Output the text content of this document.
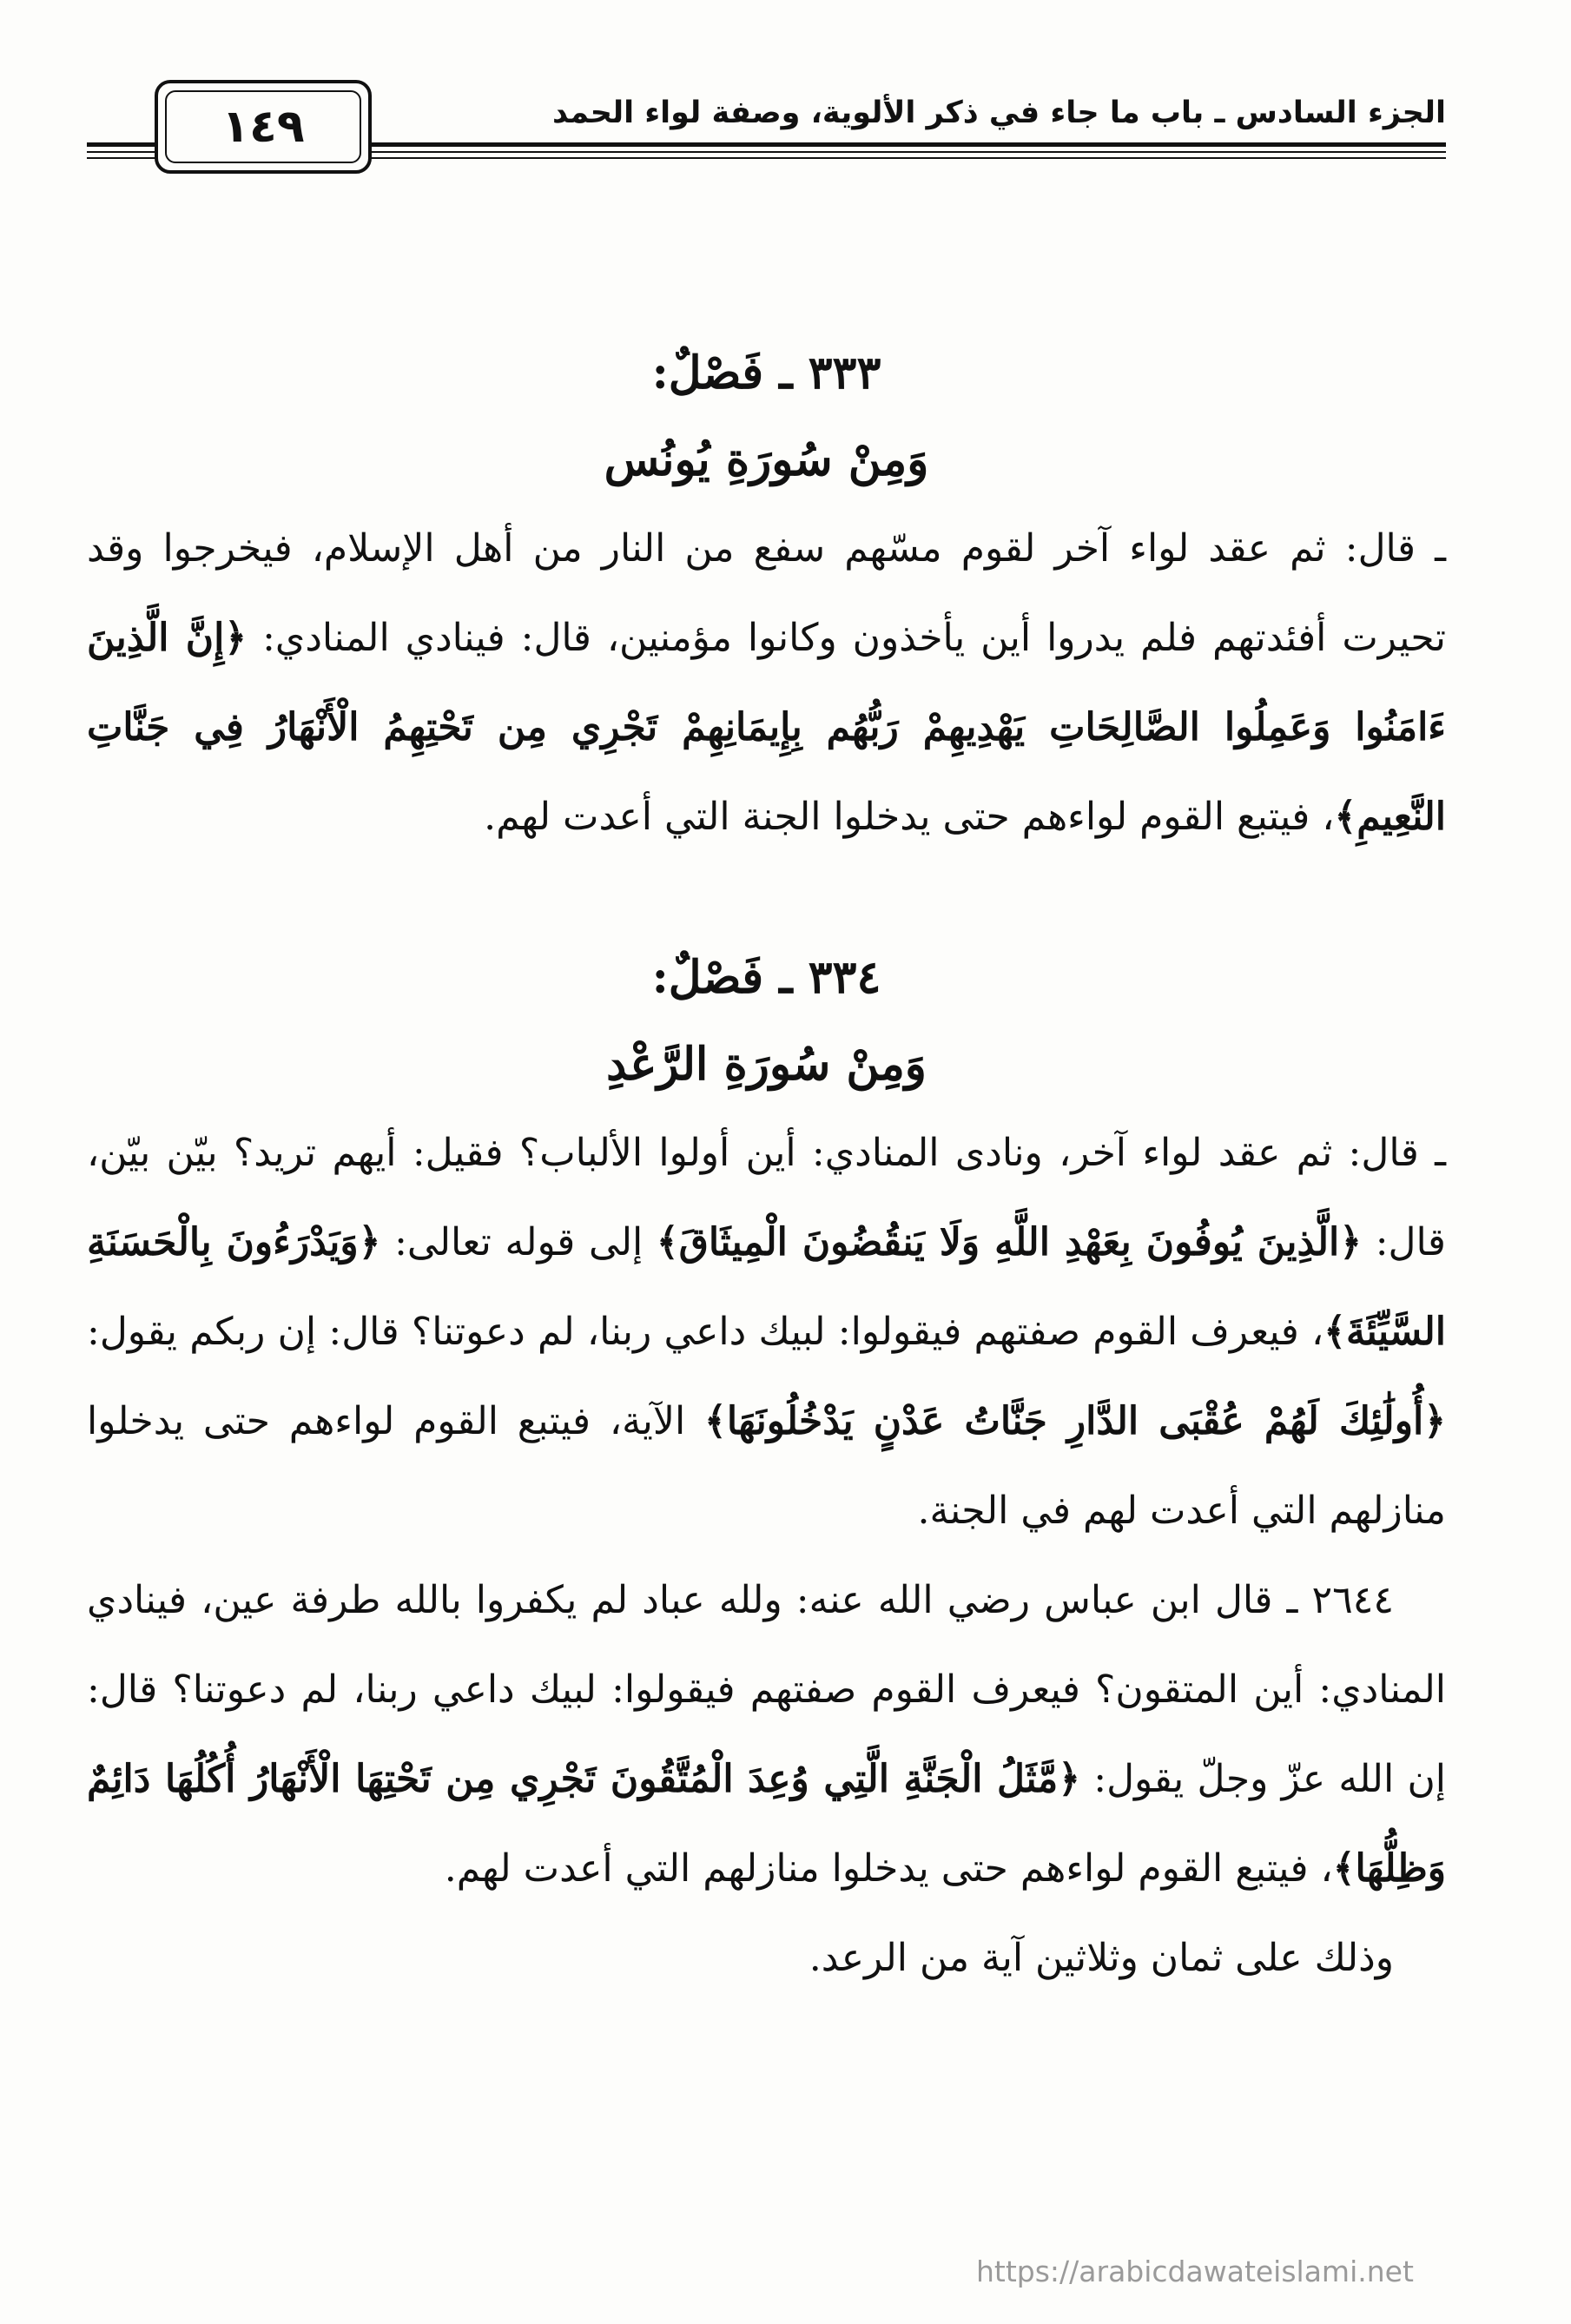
الجزء السادس ـ باب ما جاء في ذكر الألوية، وصفة لواء الحمد
١٤٩
٣٣٣ ـ فَصْلٌ:
وَمِنْ سُورَةِ يُونُس

ـ قال: ثم عقد لواء آخر لقوم مسّهم سفع من النار من أهل الإسلام، فيخرجوا وقد تحيرت أفئدتهم فلم يدروا أين يأخذون وكانوا مؤمنين، قال: فينادي المنادي: ﴿إِنَّ الَّذِينَ ءَامَنُوا وَعَمِلُوا الصَّالِحَاتِ يَهْدِيهِمْ رَبُّهُم بِإِيمَانِهِمْ تَجْرِي مِن تَحْتِهِمُ الْأَنْهَارُ فِي جَنَّاتِ النَّعِيمِ﴾، فيتبع القوم لواءهم حتى يدخلوا الجنة التي أعدت لهم.

٣٣٤ ـ فَصْلٌ:
وَمِنْ سُورَةِ الرَّعْدِ

ـ قال: ثم عقد لواء آخر، ونادى المنادي: أين أولوا الألباب؟ فقيل: أيهم تريد؟ بيّن بيّن، قال: ﴿الَّذِينَ يُوفُونَ بِعَهْدِ اللَّهِ وَلَا يَنقُضُونَ الْمِيثَاقَ﴾ إلى قوله تعالى: ﴿وَيَدْرَءُونَ بِالْحَسَنَةِ السَّيِّئَةَ﴾، فيعرف القوم صفتهم فيقولوا: لبيك داعي ربنا، لم دعوتنا؟ قال: إن ربكم يقول: ﴿أُولَٰئِكَ لَهُمْ عُقْبَى الدَّارِ جَنَّاتُ عَدْنٍ يَدْخُلُونَهَا﴾ الآية، فيتبع القوم لواءهم حتى يدخلوا منازلهم التي أعدت لهم في الجنة.

٢٦٤٤ ـ قال ابن عباس رضي الله عنه: ولله عباد لم يكفروا بالله طرفة عين، فينادي المنادي: أين المتقون؟ فيعرف القوم صفتهم فيقولوا: لبيك داعي ربنا، لم دعوتنا؟ قال: إن الله عزّ وجلّ يقول: ﴿مَّثَلُ الْجَنَّةِ الَّتِي وُعِدَ الْمُتَّقُونَ تَجْرِي مِن تَحْتِهَا الْأَنْهَارُ أُكُلُهَا دَائِمٌ وَظِلُّهَا﴾، فيتبع القوم لواءهم حتى يدخلوا منازلهم التي أعدت لهم.

وذلك على ثمان وثلاثين آية من الرعد.

https://arabicdawateislami.net
